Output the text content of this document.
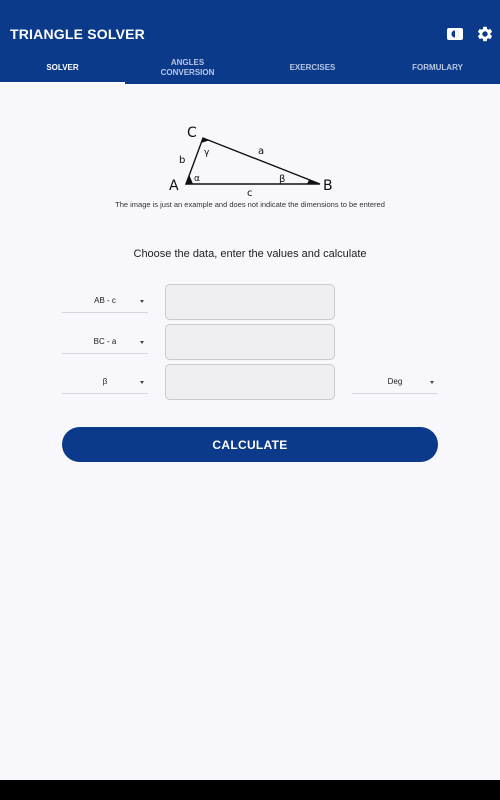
TRIANGLE SOLVER
SOLVER
ANGLES CONVERSION
EXERCISES	FORMULARY
A	B
C
a
b
c
α	β
γ
The image is just an example and does not indicate the dimensions to be entered
Choose the data, enter the values and calculate
AB - c
BC - a
β	Deg
CALCULATE
